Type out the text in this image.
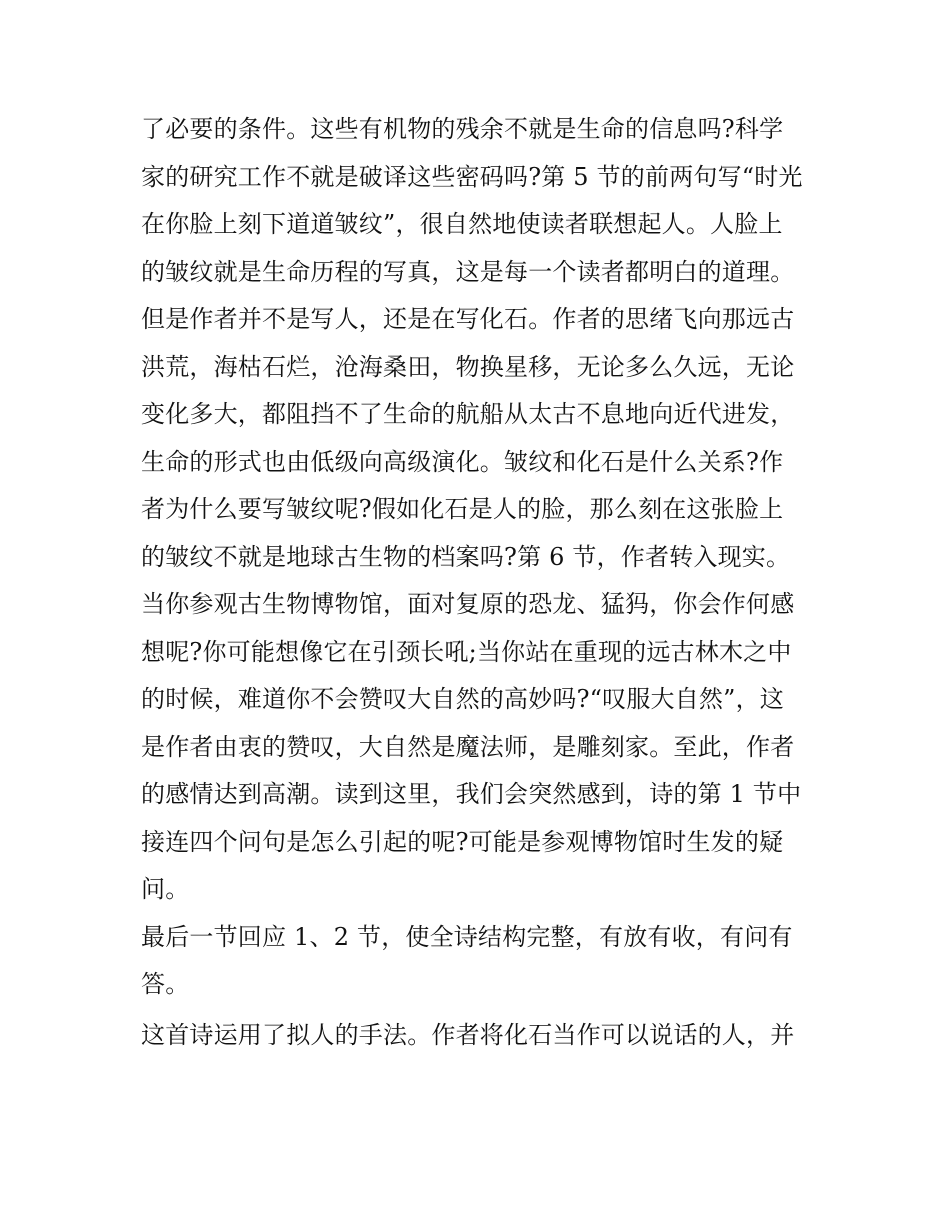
了必要的条件。这些有机物的残余不就是生命的信息吗?科学
家的研究工作不就是破译这些密码吗?第 5 节的前两句写“时光
在你脸上刻下道道皱纹”，很自然地使读者联想起人。人脸上
的皱纹就是生命历程的写真，这是每一个读者都明白的道理。
但是作者并不是写人，还是在写化石。作者的思绪飞向那远古
洪荒，海枯石烂，沧海桑田，物换星移，无论多么久远，无论
变化多大，都阻挡不了生命的航船从太古不息地向近代进发，
生命的形式也由低级向高级演化。皱纹和化石是什么关系?作
者为什么要写皱纹呢?假如化石是人的脸，那么刻在这张脸上
的皱纹不就是地球古生物的档案吗?第 6 节，作者转入现实。
当你参观古生物博物馆，面对复原的恐龙、猛犸，你会作何感
想呢?你可能想像它在引颈长吼;当你站在重现的远古林木之中
的时候，难道你不会赞叹大自然的高妙吗?“叹服大自然”，这
是作者由衷的赞叹，大自然是魔法师，是雕刻家。至此，作者
的感情达到高潮。读到这里，我们会突然感到，诗的第 1 节中
接连四个问句是怎么引起的呢?可能是参观博物馆时生发的疑
问。
最后一节回应 1、2 节，使全诗结构完整，有放有收，有问有
答。
这首诗运用了拟人的手法。作者将化石当作可以说话的人，并
